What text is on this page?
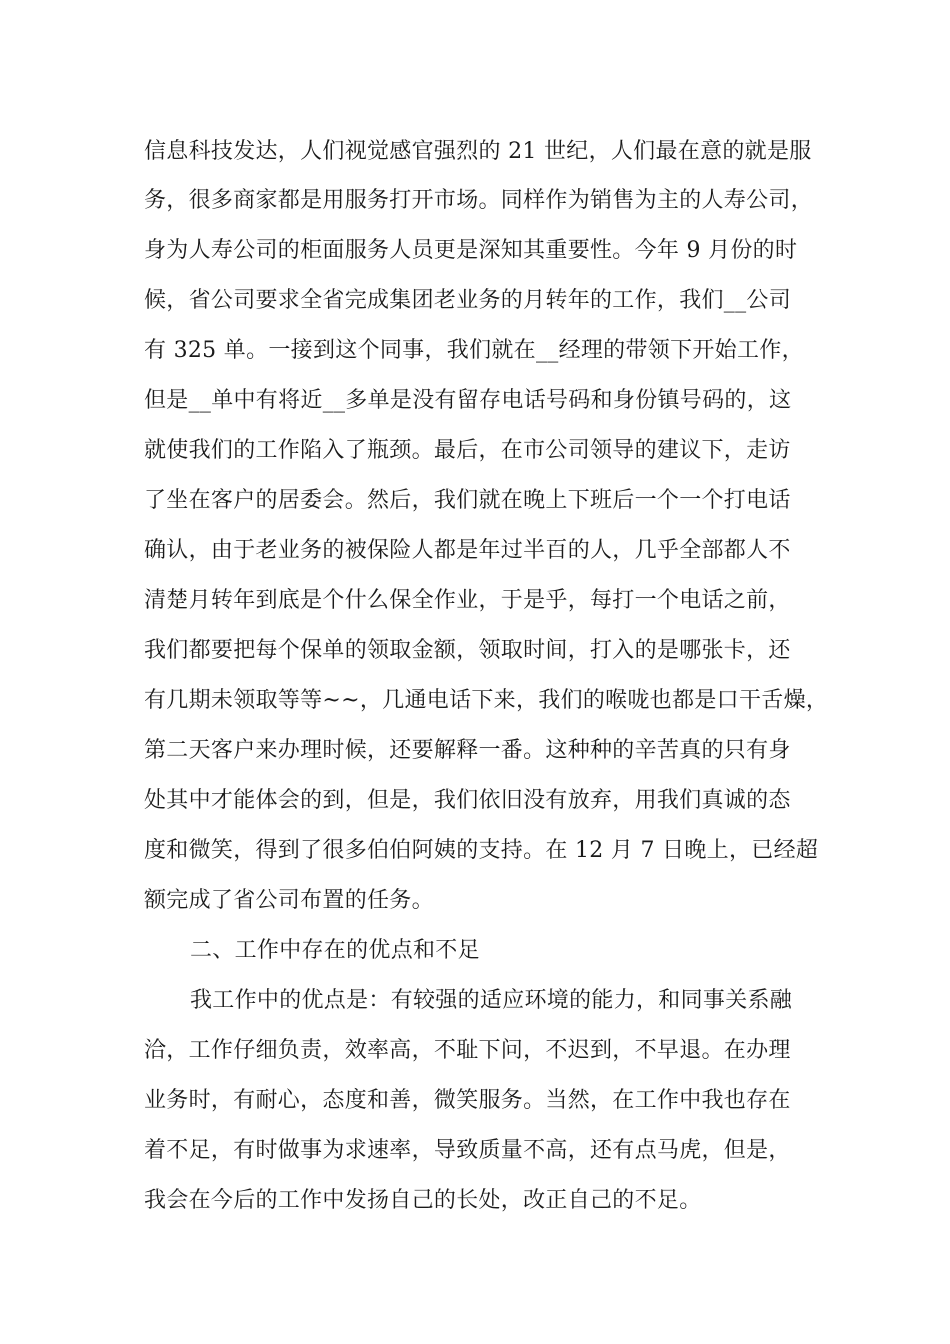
信息科技发达，人们视觉感官强烈的 21 世纪，人们最在意的就是服
务，很多商家都是用服务打开市场。同样作为销售为主的人寿公司，
身为人寿公司的柜面服务人员更是深知其重要性。今年 9 月份的时
候，省公司要求全省完成集团老业务的月转年的工作，我们__公司
有 325 单。一接到这个同事，我们就在__经理的带领下开始工作，
但是__单中有将近__多单是没有留存电话号码和身份镇号码的，这
就使我们的工作陷入了瓶颈。最后，在市公司领导的建议下，走访
了坐在客户的居委会。然后，我们就在晚上下班后一个一个打电话
确认，由于老业务的被保险人都是年过半百的人，几乎全部都人不
清楚月转年到底是个什么保全作业，于是乎，每打一个电话之前，
我们都要把每个保单的领取金额，领取时间，打入的是哪张卡，还
有几期未领取等等~~，几通电话下来，我们的喉咙也都是口干舌燥，
第二天客户来办理时候，还要解释一番。这种种的辛苦真的只有身
处其中才能体会的到，但是，我们依旧没有放弃，用我们真诚的态
度和微笑，得到了很多伯伯阿姨的支持。在 12 月 7 日晚上，已经超
额完成了省公司布置的任务。
二、工作中存在的优点和不足
我工作中的优点是：有较强的适应环境的能力，和同事关系融
洽，工作仔细负责，效率高，不耻下问，不迟到，不早退。在办理
业务时，有耐心，态度和善，微笑服务。当然，在工作中我也存在
着不足，有时做事为求速率，导致质量不高，还有点马虎，但是，
我会在今后的工作中发扬自己的长处，改正自己的不足。
